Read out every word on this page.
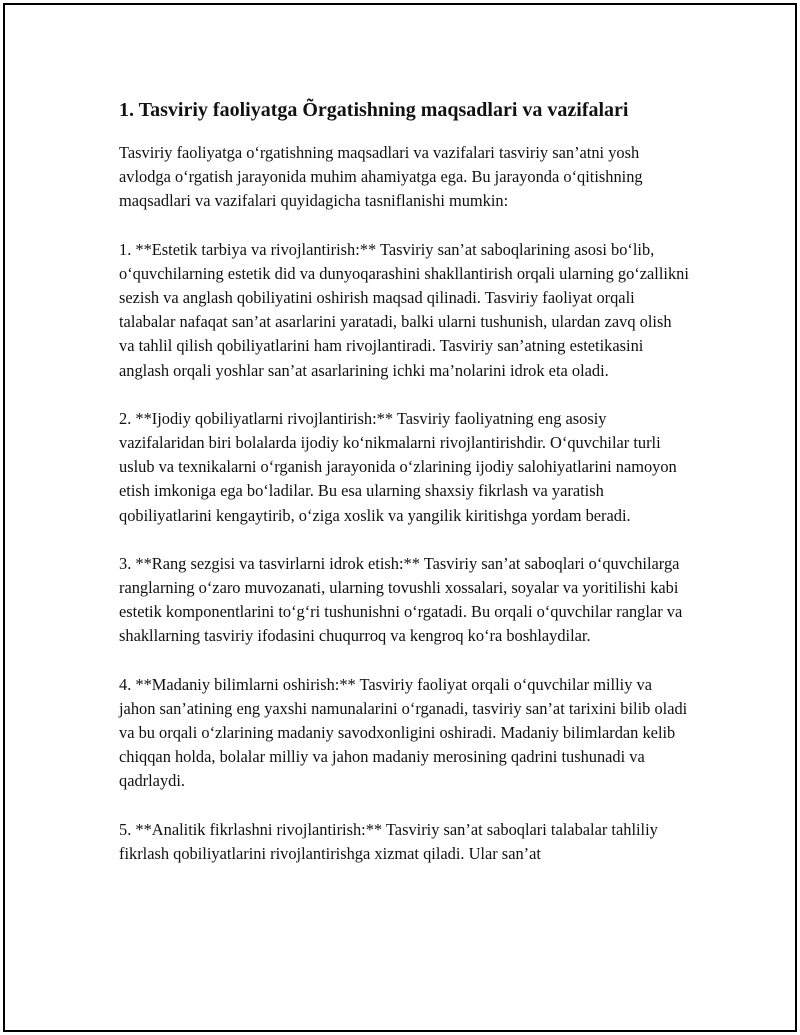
1. Tasviriy faoliyatga Õrgatishning maqsadlari va vazifalari

Tasviriy faoliyatga o‘rgatishning maqsadlari va vazifalari tasviriy san’atni yosh avlodga o‘rgatish jarayonida muhim ahamiyatga ega. Bu jarayonda o‘qitishning maqsadlari va vazifalari quyidagicha tasniflanishi mumkin:

1. **Estetik tarbiya va rivojlantirish:** Tasviriy san’at saboqlarining asosi bo‘lib, o‘quvchilarning estetik did va dunyoqarashini shakllantirish orqali ularning go‘zallikni sezish va anglash qobiliyatini oshirish maqsad qilinadi. Tasviriy faoliyat orqali talabalar nafaqat san’at asarlarini yaratadi, balki ularni tushunish, ulardan zavq olish va tahlil qilish qobiliyatlarini ham rivojlantiradi. Tasviriy san’atning estetikasini anglash orqali yoshlar san’at asarlarining ichki ma’nolarini idrok eta oladi.

2. **Ijodiy qobiliyatlarni rivojlantirish:** Tasviriy faoliyatning eng asosiy vazifalaridan biri bolalarda ijodiy ko‘nikmalarni rivojlantirishdir. O‘quvchilar turli uslub va texnikalarni o‘rganish jarayonida o‘zlarining ijodiy salohiyatlarini namoyon etish imkoniga ega bo‘ladilar. Bu esa ularning shaxsiy fikrlash va yaratish qobiliyatlarini kengaytirib, o‘ziga xoslik va yangilik kiritishga yordam beradi.

3. **Rang sezgisi va tasvirlarni idrok etish:** Tasviriy san’at saboqlari o‘quvchilarga ranglarning o‘zaro muvozanati, ularning tovushli xossalari, soyalar va yoritilishi kabi estetik komponentlarini to‘g‘ri tushunishni o‘rgatadi. Bu orqali o‘quvchilar ranglar va shakllarning tasviriy ifodasini chuqurroq va kengroq ko‘ra boshlaydilar.

4. **Madaniy bilimlarni oshirish:** Tasviriy faoliyat orqali o‘quvchilar milliy va jahon san’atining eng yaxshi namunalarini o‘rganadi, tasviriy san’at tarixini bilib oladi va bu orqali o‘zlarining madaniy savodxonligini oshiradi. Madaniy bilimlardan kelib chiqqan holda, bolalar milliy va jahon madaniy merosining qadrini tushunadi va qadrlaydi.

5. **Analitik fikrlashni rivojlantirish:** Tasviriy san’at saboqlari talabalar tahliliy fikrlash qobiliyatlarini rivojlantirishga xizmat qiladi. Ular san’at
